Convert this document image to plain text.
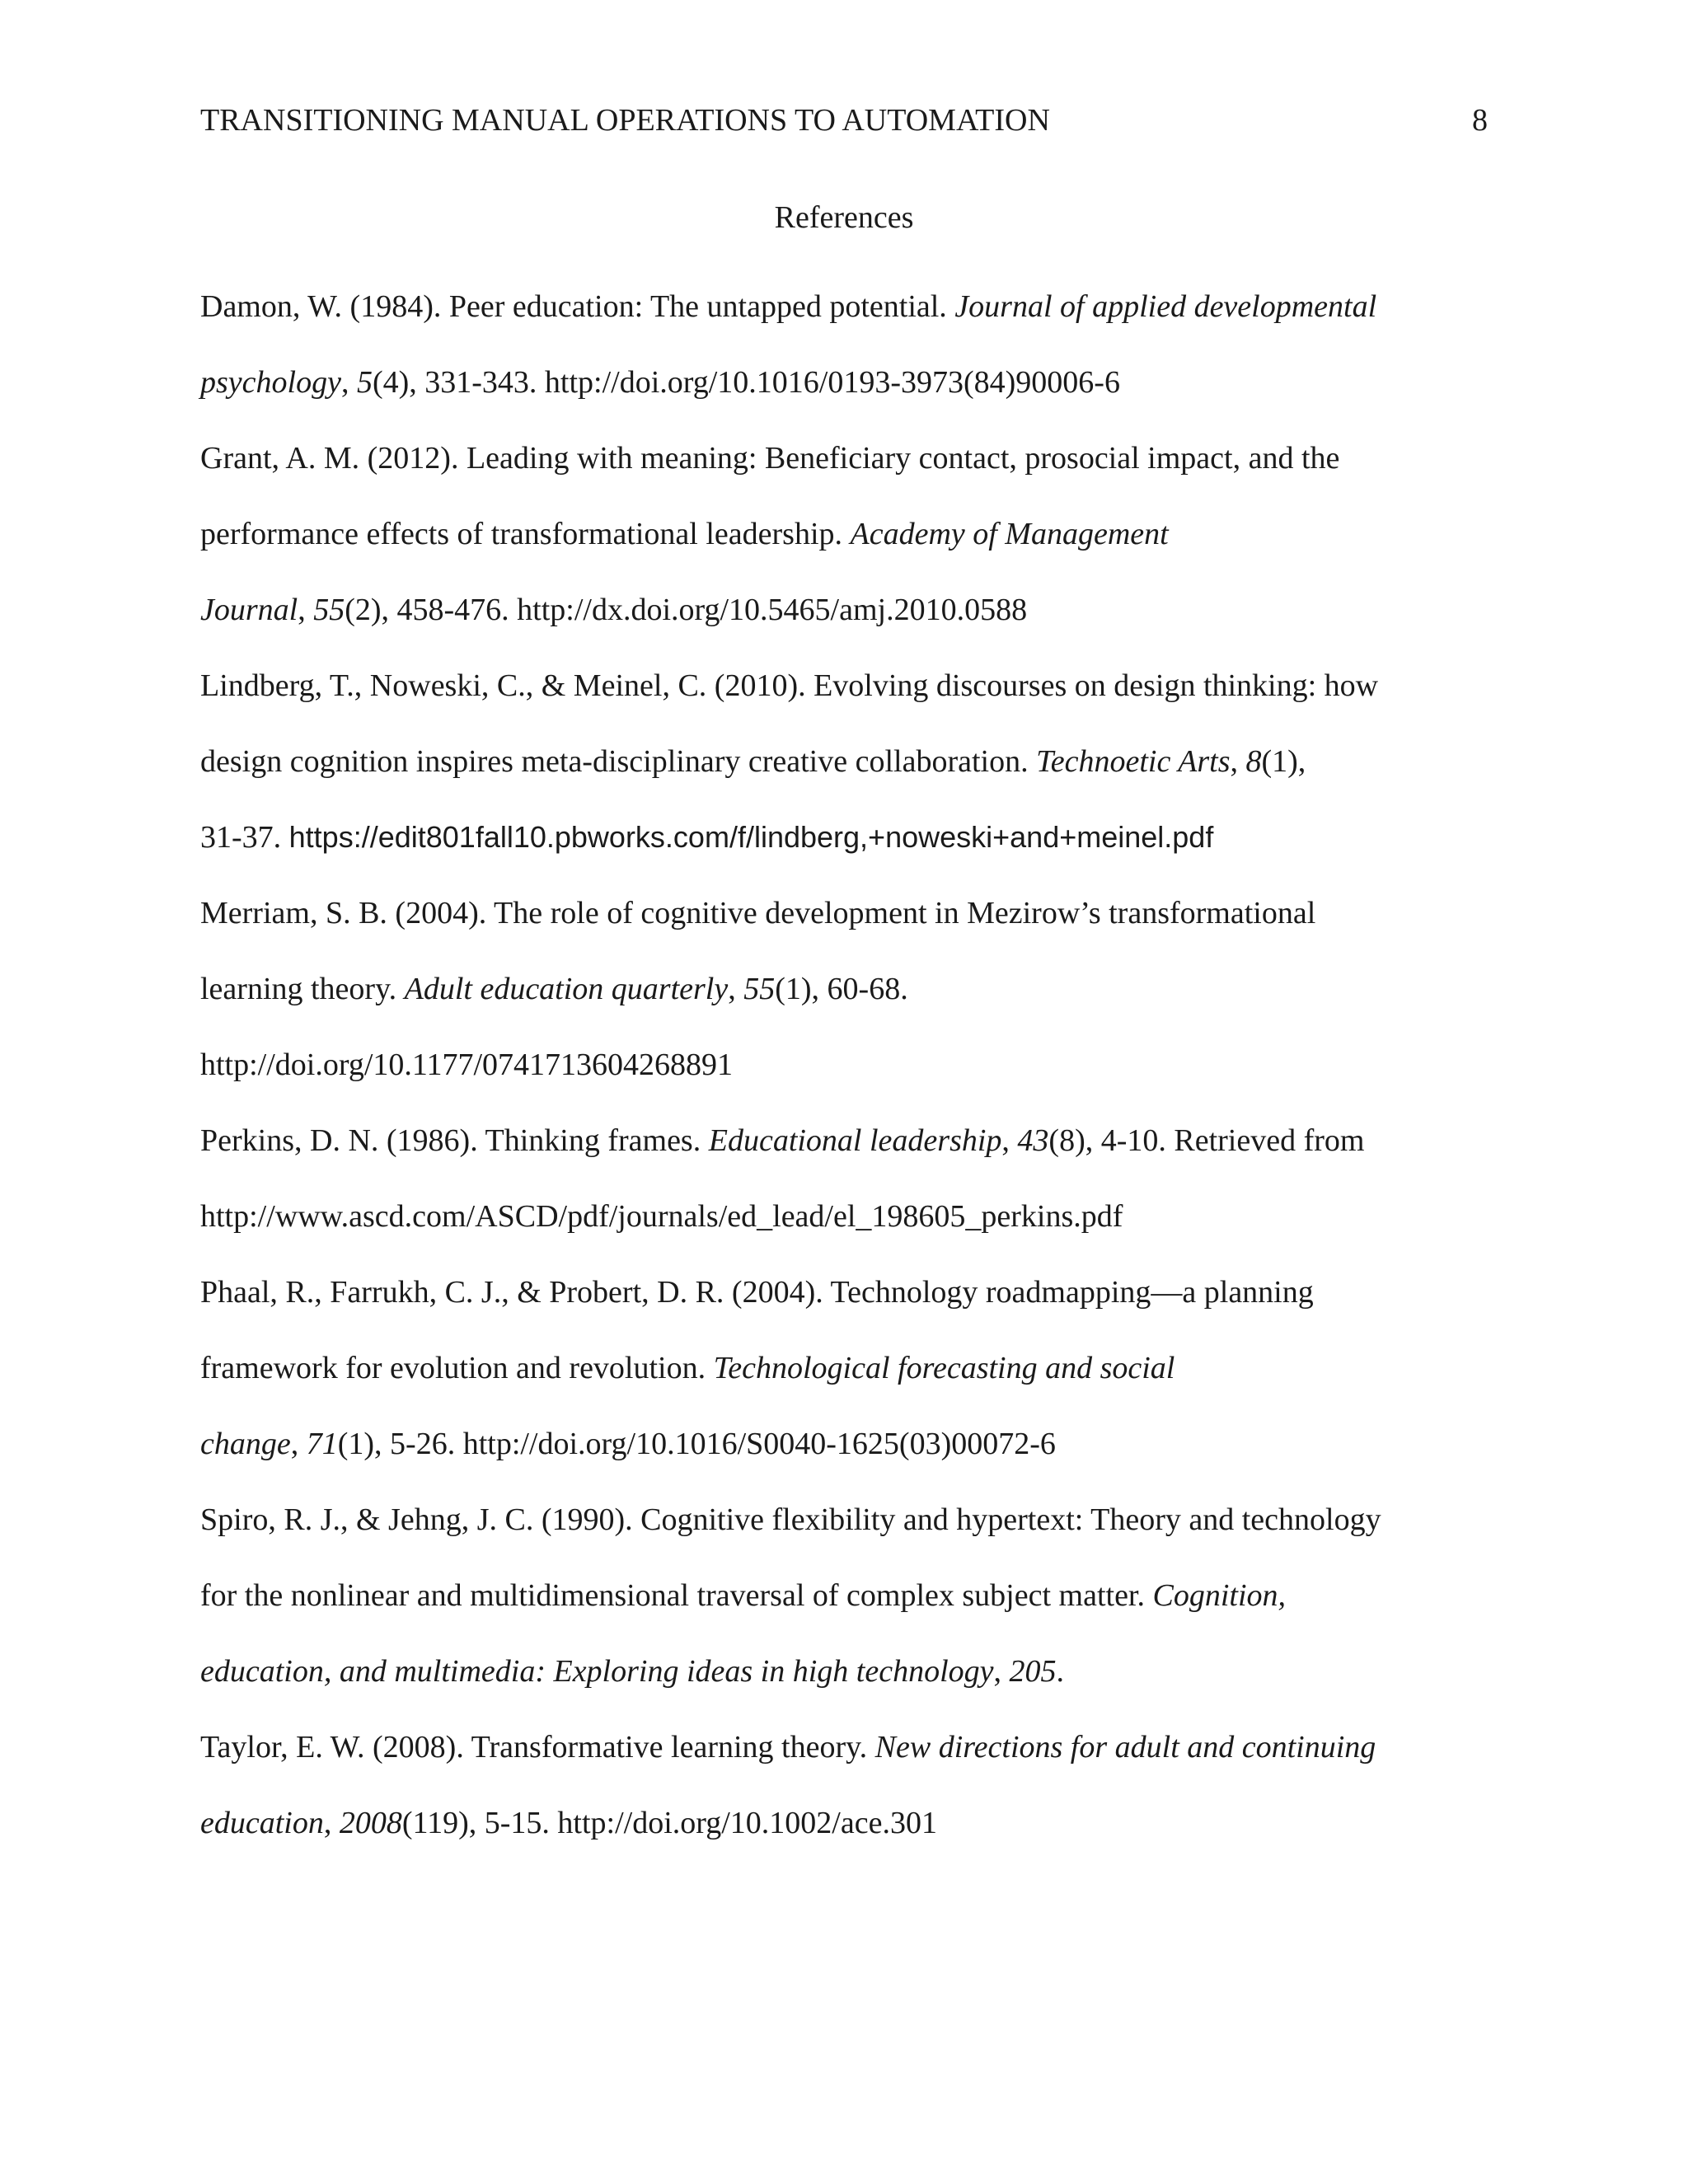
TRANSITIONING MANUAL OPERATIONS TO AUTOMATION	8
References
Damon, W. (1984). Peer education: The untapped potential. Journal of applied developmental
psychology, 5(4), 331-343. http://doi.org/10.1016/0193-3973(84)90006-6
Grant, A. M. (2012). Leading with meaning: Beneficiary contact, prosocial impact, and the
performance effects of transformational leadership. Academy of Management
Journal, 55(2), 458-476. http://dx.doi.org/10.5465/amj.2010.0588
Lindberg, T., Noweski, C., & Meinel, C. (2010). Evolving discourses on design thinking: how
design cognition inspires meta-disciplinary creative collaboration. Technoetic Arts, 8(1),
31-37. https://edit801fall10.pbworks.com/f/lindberg,+noweski+and+meinel.pdf
Merriam, S. B. (2004). The role of cognitive development in Mezirow’s transformational
learning theory. Adult education quarterly, 55(1), 60-68.
http://doi.org/10.1177/0741713604268891
Perkins, D. N. (1986). Thinking frames. Educational leadership, 43(8), 4-10. Retrieved from
http://www.ascd.com/ASCD/pdf/journals/ed_lead/el_198605_perkins.pdf
Phaal, R., Farrukh, C. J., & Probert, D. R. (2004). Technology roadmapping—a planning
framework for evolution and revolution. Technological forecasting and social
change, 71(1), 5-26. http://doi.org/10.1016/S0040-1625(03)00072-6
Spiro, R. J., & Jehng, J. C. (1990). Cognitive flexibility and hypertext: Theory and technology
for the nonlinear and multidimensional traversal of complex subject matter. Cognition,
education, and multimedia: Exploring ideas in high technology, 205.
Taylor, E. W. (2008). Transformative learning theory. New directions for adult and continuing
education, 2008(119), 5-15. http://doi.org/10.1002/ace.301
